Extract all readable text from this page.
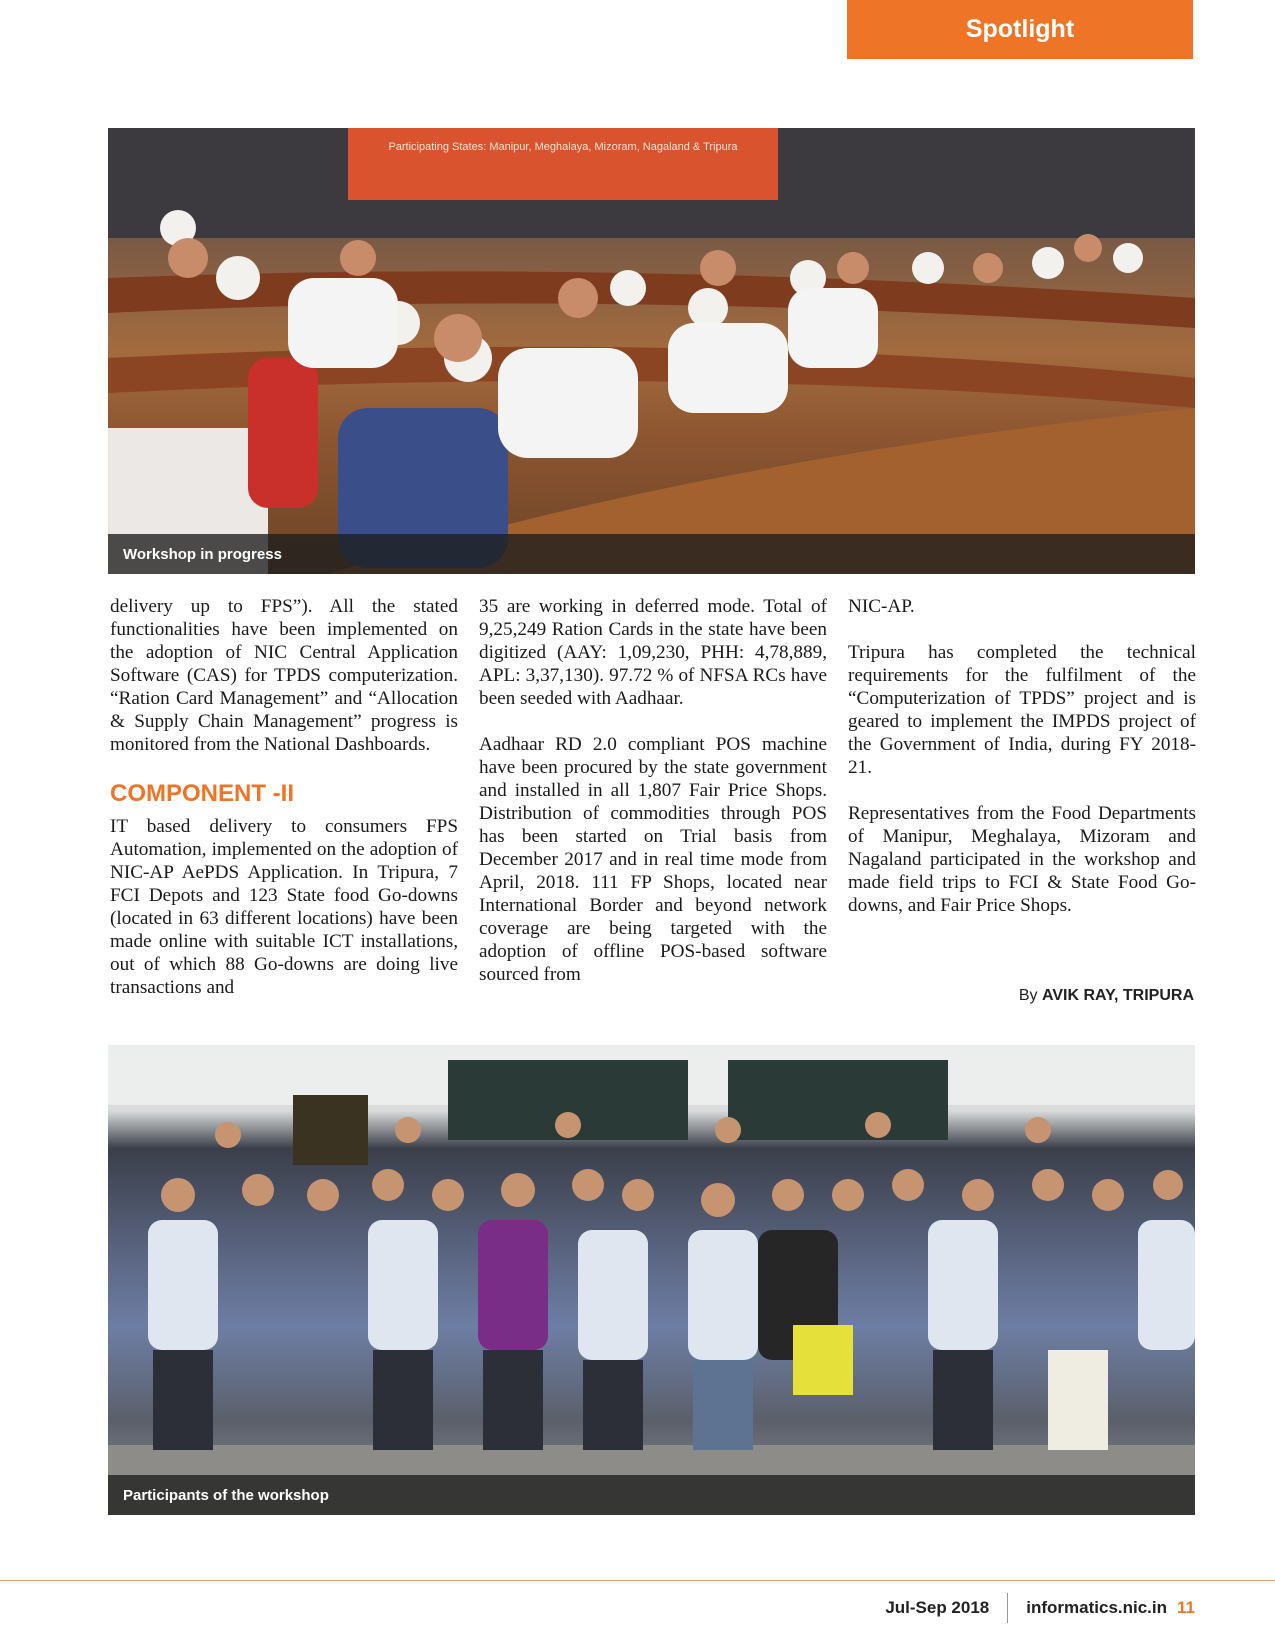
Spotlight
Participating States: Manipur, Meghalaya, Mizoram, Nagaland & Tripura
Workshop in progress

delivery up to FPS”). All the stated functionalities have been implemented on the adoption of NIC Central Application Software (CAS) for TPDS computerization. “Ration Card Management” and “Allocation & Supply Chain Management” progress is monitored from the National Dashboards.

COMPONENT -II

IT based delivery to consumers FPS Automation, implemented on the adoption of NIC-AP AePDS Application. In Tripura, 7 FCI Depots and 123 State food Go-downs (located in 63 different locations) have been made online with suitable ICT installations, out of which 88 Go-downs are doing live transactions and

35 are working in deferred mode. Total of 9,25,249 Ration Cards in the state have been digitized (AAY: 1,09,230, PHH: 4,78,889, APL: 3,37,130). 97.72 % of NFSA RCs have been seeded with Aadhaar.

Aadhaar RD 2.0 compliant POS machine have been procured by the state government and installed in all 1,807 Fair Price Shops. Distribution of commodities through POS has been started on Trial basis from December 2017 and in real time mode from April, 2018. 111 FP Shops, located near International Border and beyond network coverage are being targeted with the adoption of offline POS-based software sourced from

NIC-AP.

Tripura has completed the technical requirements for the fulfilment of the “Computerization of TPDS” project and is geared to implement the IMPDS project of the Government of India, during FY 2018-21.

Representatives from the Food Departments of Manipur, Meghalaya, Mizoram and Nagaland participated in the workshop and made field trips to FCI & State Food Go-downs, and Fair Price Shops.

By AVIK RAY, TRIPURA
Participants of the workshop
Jul-Sep 2018 informatics.nic.in 11
